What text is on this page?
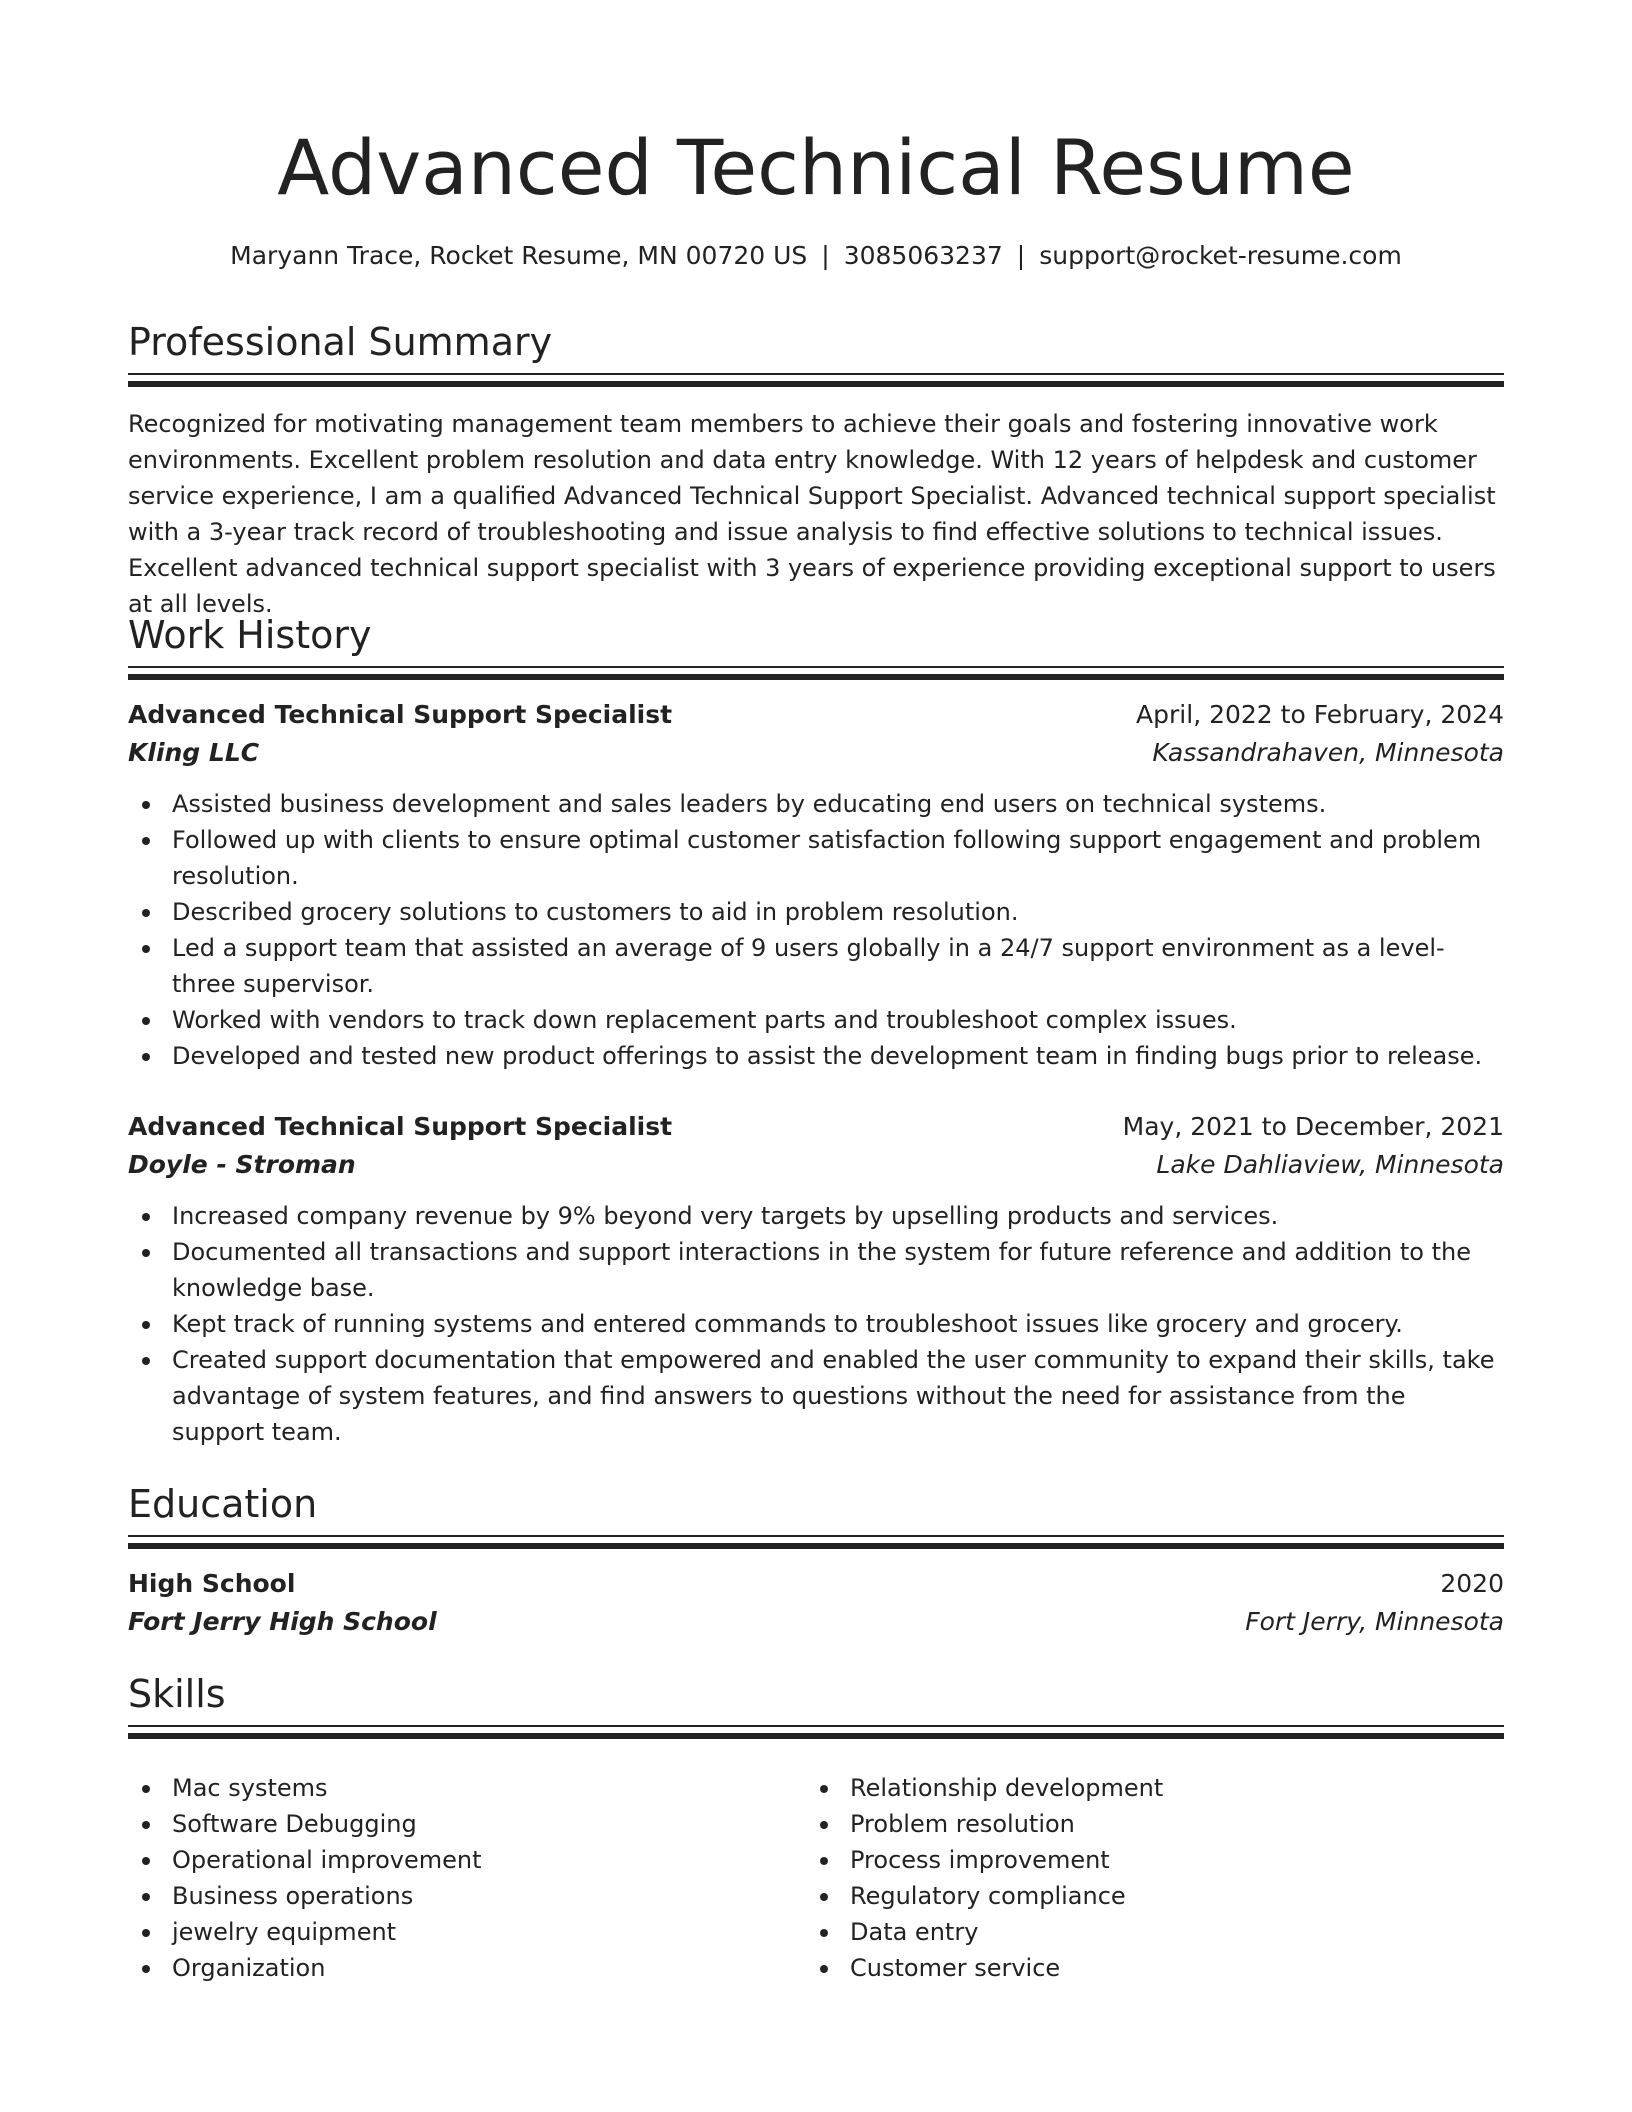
Advanced Technical Resume
Maryann Trace, Rocket Resume, MN 00720 US | 3085063237 | support@rocket-resume.com
Professional Summary

Recognized for motivating management team members to achieve their goals and fostering innovative work environments. Excellent problem resolution and data entry knowledge. With 12 years of helpdesk and customer service experience, I am a qualified Advanced Technical Support Specialist. Advanced technical support specialist with a 3-year track record of troubleshooting and issue analysis to find effective solutions to technical issues. Excellent advanced technical support specialist with 3 years of experience providing exceptional support to users at all levels.

Work History
Advanced Technical Support Specialist	April, 2022 to February, 2024
Kling LLC	Kassandrahaven, Minnesota
Assisted business development and sales leaders by educating end users on technical systems.
Followed up with clients to ensure optimal customer satisfaction following support engagement and problem resolution.
Described grocery solutions to customers to aid in problem resolution.
Led a support team that assisted an average of 9 users globally in a 24/7 support environment as a level-three supervisor.
Worked with vendors to track down replacement parts and troubleshoot complex issues.
Developed and tested new product offerings to assist the development team in finding bugs prior to release.
Advanced Technical Support Specialist	May, 2021 to December, 2021
Doyle - Stroman	Lake Dahliaview, Minnesota
Increased company revenue by 9% beyond very targets by upselling products and services.
Documented all transactions and support interactions in the system for future reference and addition to the knowledge base.
Kept track of running systems and entered commands to troubleshoot issues like grocery and grocery.
Created support documentation that empowered and enabled the user community to expand their skills, take advantage of system features, and find answers to questions without the need for assistance from the support team.
Education
High School	2020
Fort Jerry High School	Fort Jerry, Minnesota
Skills
Mac systems
Software Debugging
Operational improvement
Business operations
jewelry equipment
Organization
Relationship development
Problem resolution
Process improvement
Regulatory compliance
Data entry
Customer service
